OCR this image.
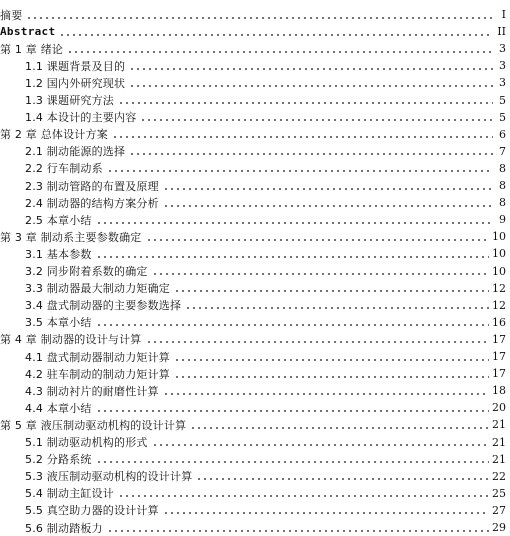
摘要	I
Abstract	II
第 1 章 绪论	3
1.1 课题背景及目的	3
1.2 国内外研究现状	3
1.3 课题研究方法	5
1.4 本设计的主要内容	5
第 2 章 总体设计方案	6
2.1 制动能源的选择	7
2.2 行车制动系	8
2.3 制动管路的布置及原理	8
2.4 制动器的结构方案分析	8
2.5 本章小结	9
第 3 章 制动系主要参数确定	10
3.1 基本参数	10
3.2 同步附着系数的确定	10
3.3 制动器最大制动力矩确定	12
3.4 盘式制动器的主要参数选择	12
3.5 本章小结	16
第 4 章 制动器的设计与计算	17
4.1 盘式制动器制动力矩计算	17
4.2 驻车制动的制动力矩计算	17
4.3 制动衬片的耐磨性计算	18
4.4 本章小结	20
第 5 章 液压制动驱动机构的设计计算	21
5.1 制动驱动机构的形式	21
5.2 分路系统	21
5.3 液压制动驱动机构的设计计算	22
5.4 制动主缸设计	25
5.5 真空助力器的设计计算	27
5.6 制动踏板力	29
